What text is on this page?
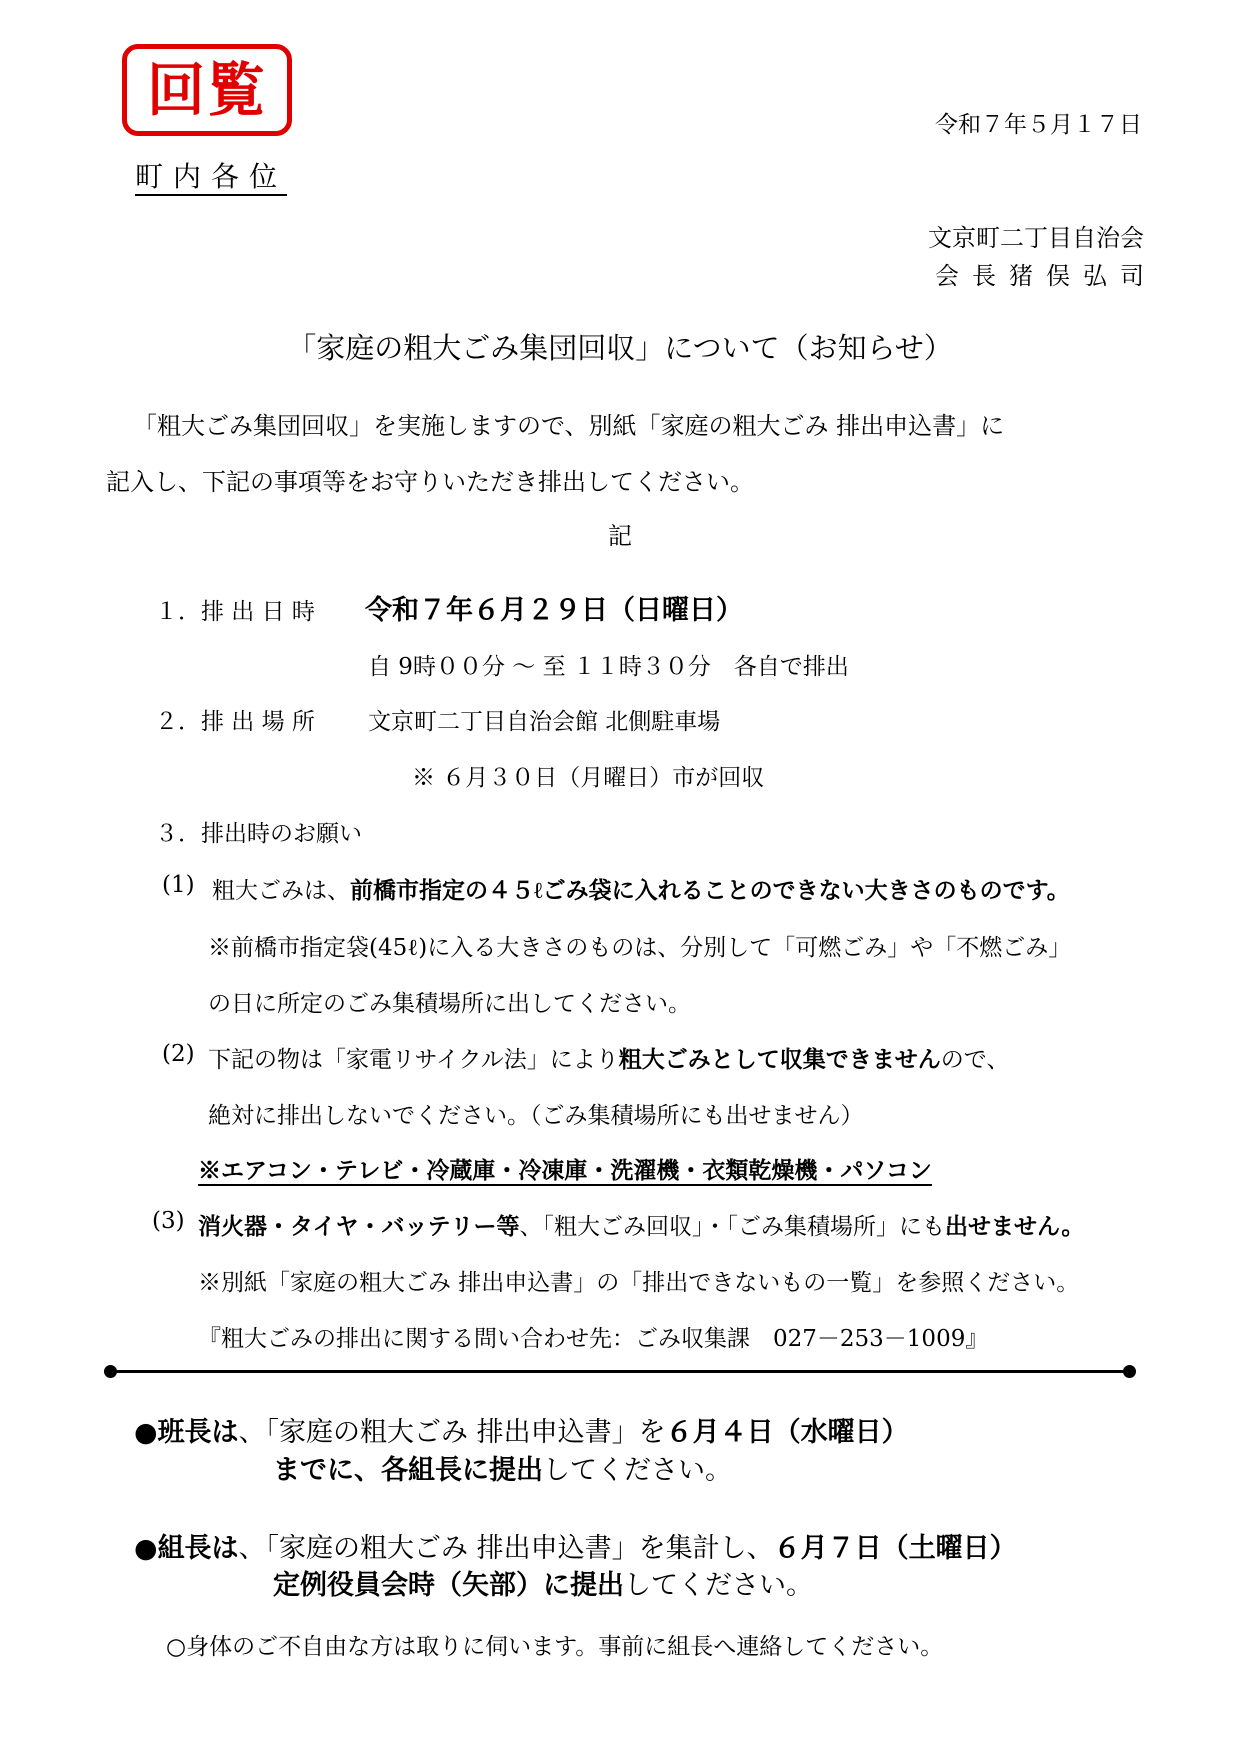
回覧
町内各位
令和７年５月１７日
文京町二丁目自治会
会長猪俣弘司
「家庭の粗大ごみ集団回収」について（お知らせ）
「粗大ごみ集団回収」を実施しますので、別紙「家庭の粗大ごみ 排出申込書」に
記入し、下記の事項等をお守りいただき排出してください。
記
１．排 出 日 時 令和７年６月２９日（日曜日）
自 9時００分 ～ 至 １１時３０分　各自で排出
２．排 出 場 所 文京町二丁目自治会館 北側駐車場
※ ６月３０日（月曜日）市が回収
３．排出時のお願い
(1) 粗大ごみは、前橋市指定の４５ℓごみ袋に入れることのできない大きさのものです。
※前橋市指定袋(45ℓ)に入る大きさのものは、分別して「可燃ごみ」や「不燃ごみ」
の日に所定のごみ集積場所に出してください。
(2) 下記の物は「家電リサイクル法」により粗大ごみとして収集できませんので、
絶対に排出しないでください。（ごみ集積場所にも出せません）
※エアコン・テレビ・冷蔵庫・冷凍庫・洗濯機・衣類乾燥機・パソコン
(3) 消火器・タイヤ・バッテリー等、「粗大ごみ回収」・「ごみ集積場所」にも出せません。
※別紙「家庭の粗大ごみ 排出申込書」の「排出できないもの一覧」を参照ください。
『粗大ごみの排出に関する問い合わせ先：ごみ収集課　027－253－1009』
●班長は、「家庭の粗大ごみ 排出申込書」を６月４日（水曜日）
までに、各組長に提出してください。
●組長は、「家庭の粗大ごみ 排出申込書」を集計し、６月７日（土曜日）
定例役員会時（矢部）に提出してください。
○身体のご不自由な方は取りに伺います。事前に組長へ連絡してください。
